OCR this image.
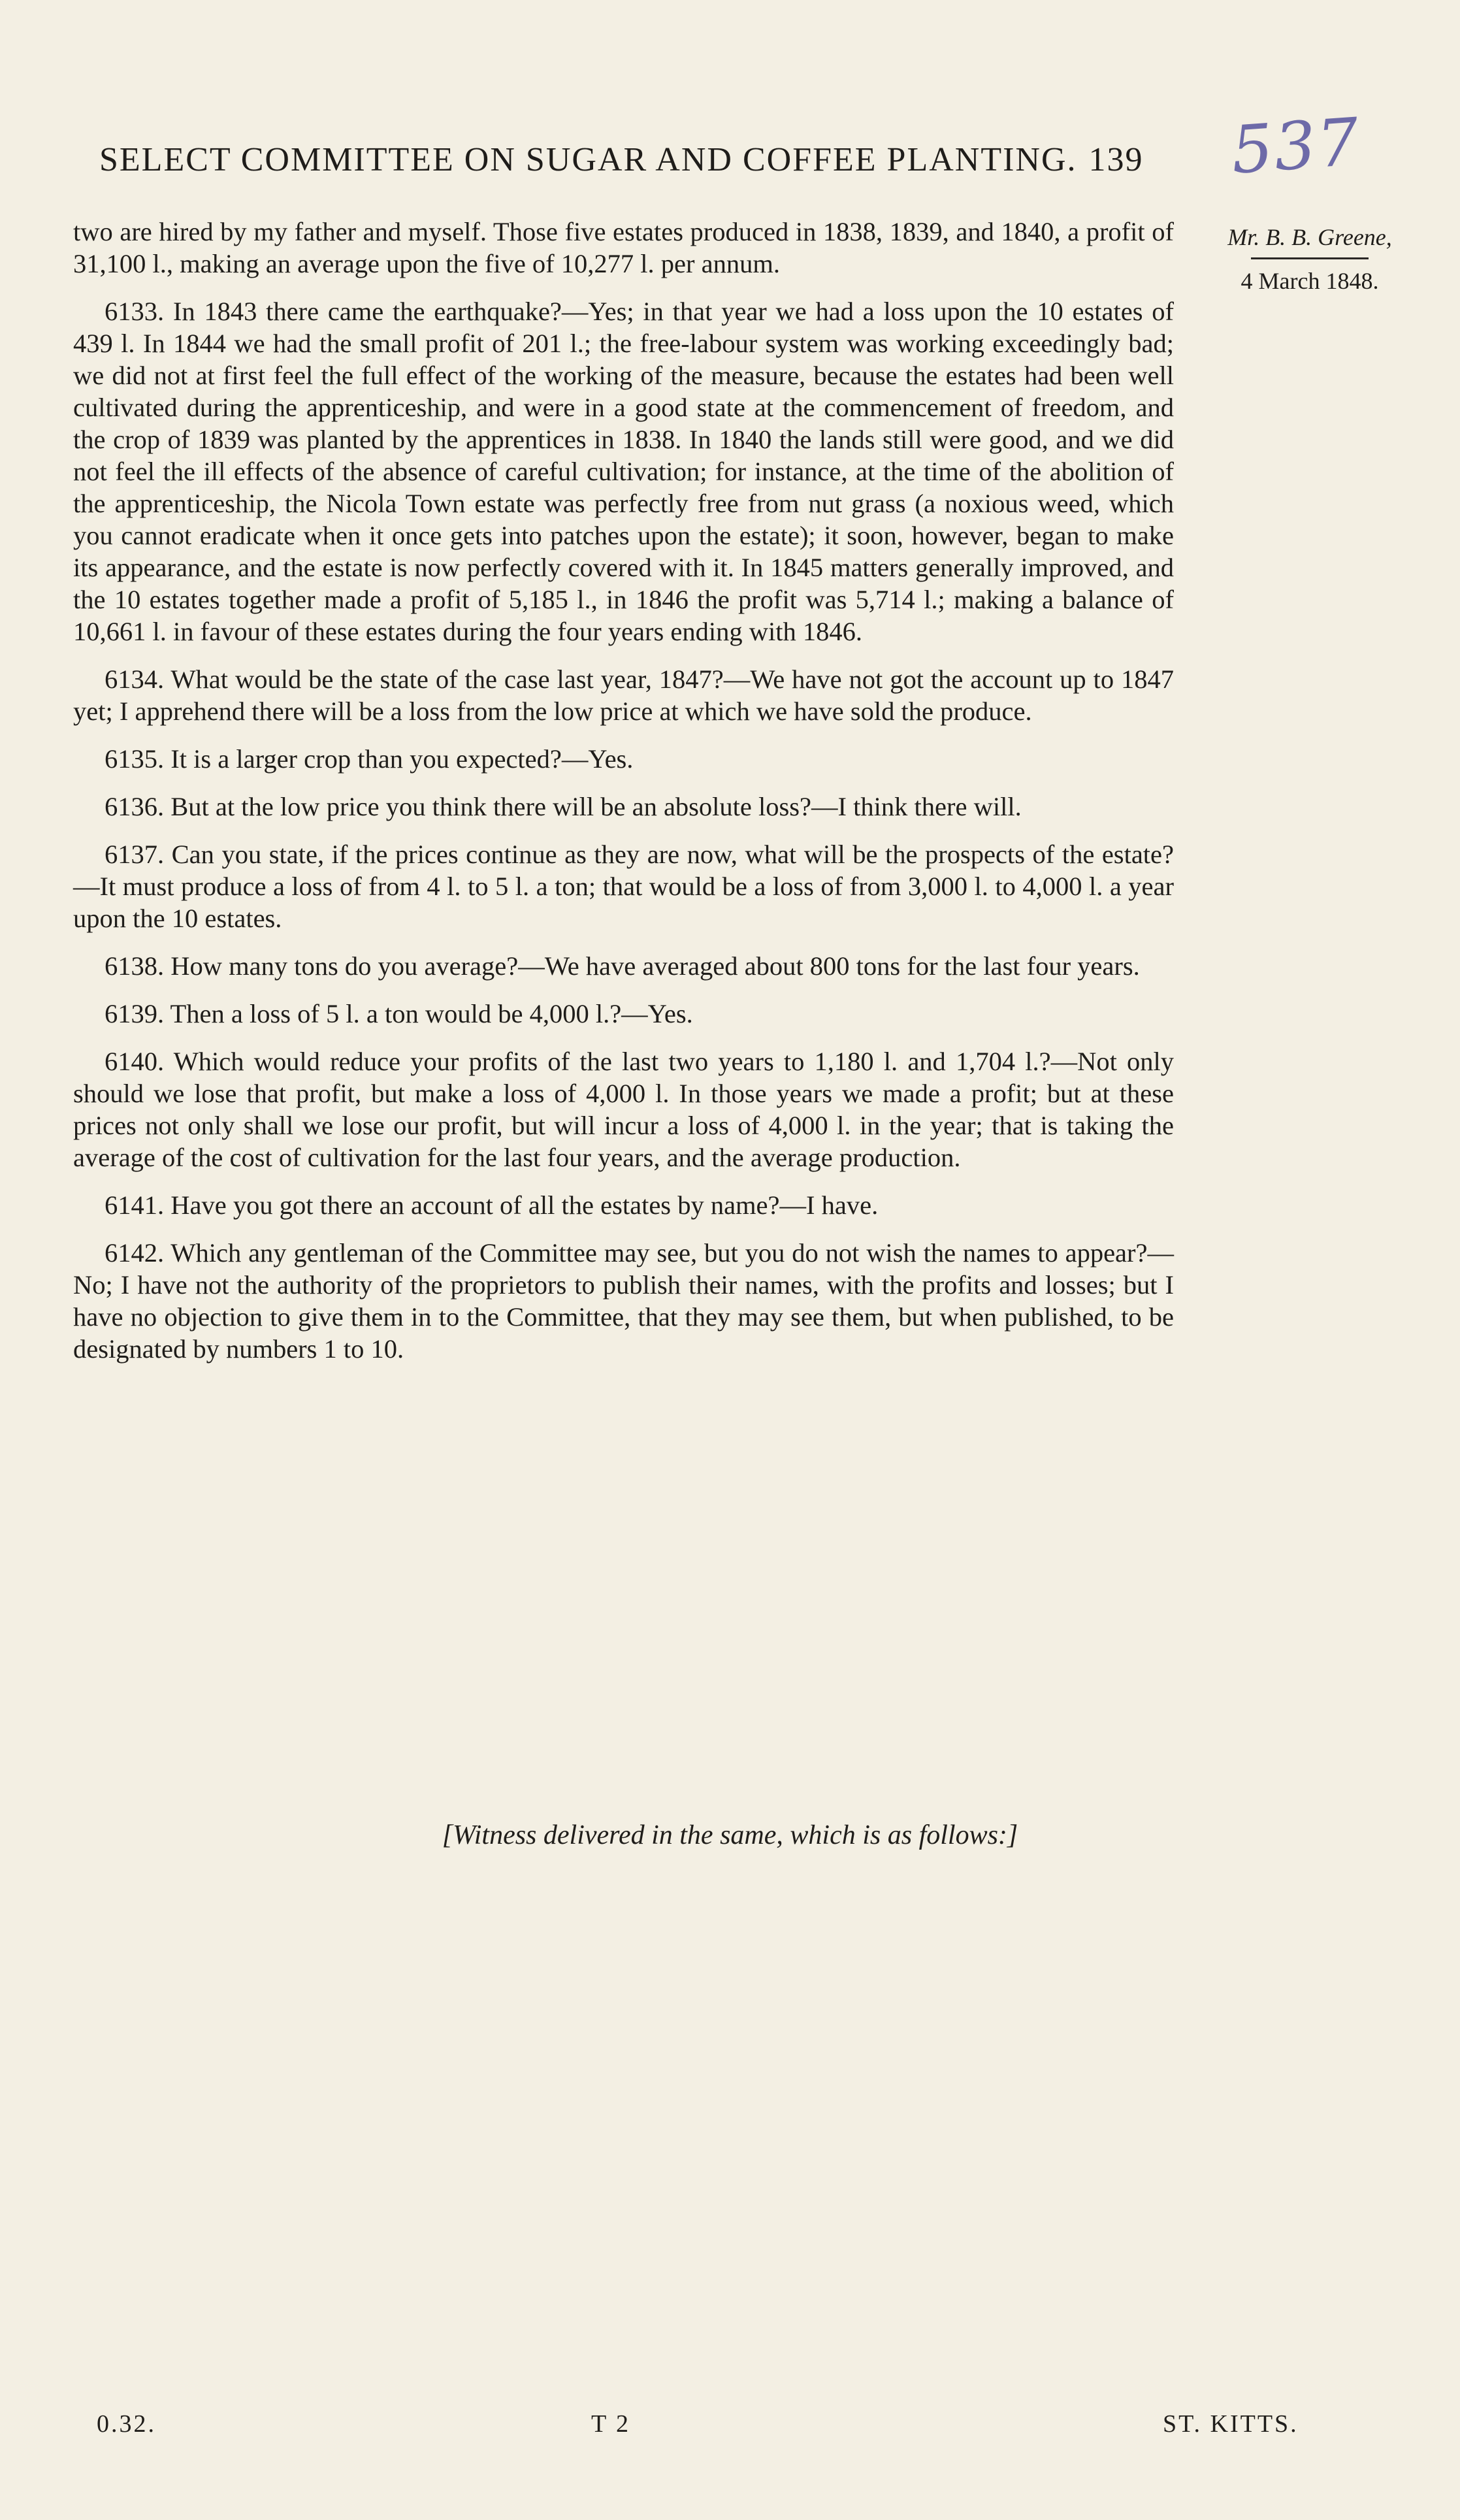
537
SELECT COMMITTEE ON SUGAR AND COFFEE PLANTING. 139
Mr. B. B. Greene,
4 March 1848.

two are hired by my father and myself. Those five estates produced in 1838, 1839, and 1840, a profit of 31,100 l., making an average upon the five of 10,277 l. per annum.

6133. In 1843 there came the earthquake?—Yes; in that year we had a loss upon the 10 estates of 439 l. In 1844 we had the small profit of 201 l.; the free-labour system was working exceedingly bad; we did not at first feel the full effect of the working of the measure, because the estates had been well cultivated during the apprenticeship, and were in a good state at the commencement of freedom, and the crop of 1839 was planted by the apprentices in 1838. In 1840 the lands still were good, and we did not feel the ill effects of the absence of careful cultivation; for instance, at the time of the abolition of the apprenticeship, the Nicola Town estate was perfectly free from nut grass (a noxious weed, which you cannot eradicate when it once gets into patches upon the estate); it soon, however, began to make its appearance, and the estate is now perfectly covered with it. In 1845 matters generally improved, and the 10 estates together made a profit of 5,185 l., in 1846 the profit was 5,714 l.; making a balance of 10,661 l. in favour of these estates during the four years ending with 1846.

6134. What would be the state of the case last year, 1847?—We have not got the account up to 1847 yet; I apprehend there will be a loss from the low price at which we have sold the produce.

6135. It is a larger crop than you expected?—Yes.

6136. But at the low price you think there will be an absolute loss?—I think there will.

6137. Can you state, if the prices continue as they are now, what will be the prospects of the estate?—It must produce a loss of from 4 l. to 5 l. a ton; that would be a loss of from 3,000 l. to 4,000 l. a year upon the 10 estates.

6138. How many tons do you average?—We have averaged about 800 tons for the last four years.

6139. Then a loss of 5 l. a ton would be 4,000 l.?—Yes.

6140. Which would reduce your profits of the last two years to 1,180 l. and 1,704 l.?—Not only should we lose that profit, but make a loss of 4,000 l. In those years we made a profit; but at these prices not only shall we lose our profit, but will incur a loss of 4,000 l. in the year; that is taking the average of the cost of cultivation for the last four years, and the average production.

6141. Have you got there an account of all the estates by name?—I have.

6142. Which any gentleman of the Committee may see, but you do not wish the names to appear?—No; I have not the authority of the proprietors to publish their names, with the profits and losses; but I have no objection to give them in to the Committee, that they may see them, but when published, to be designated by numbers 1 to 10.

[Witness delivered in the same, which is as follows:]
0.32.	T 2	ST. KITTS.
